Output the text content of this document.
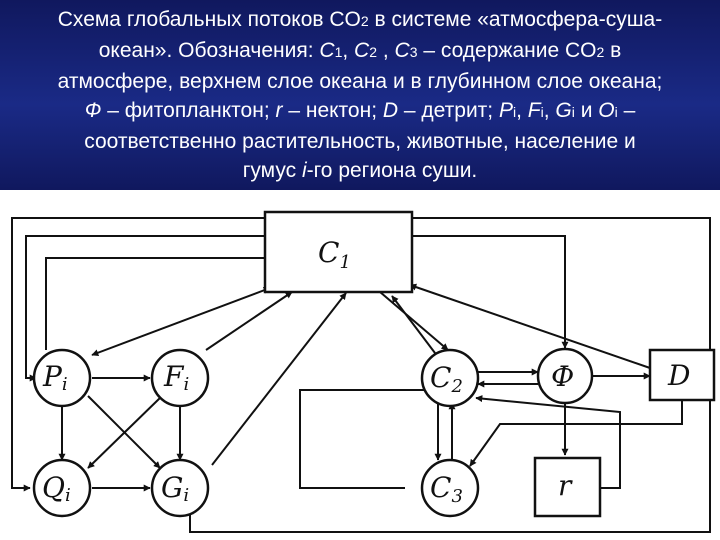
Схема глобальных потоков CO2 в системе «атмосфера-суша-
океан». Обозначения: C1, C2 , C3 – содержание CO2 в
атмосфере, верхнем слое океана и в глубинном слое океана;
Ф – фитопланктон; r – нектон; D – детрит; Pi, Fi, Gi и Oi –
соответственно растительность, животные, население и
гумус i-го региона суши.
$C_1$
Pi	Fi
Qi	Gi
C2
C3
Ф	D
r
